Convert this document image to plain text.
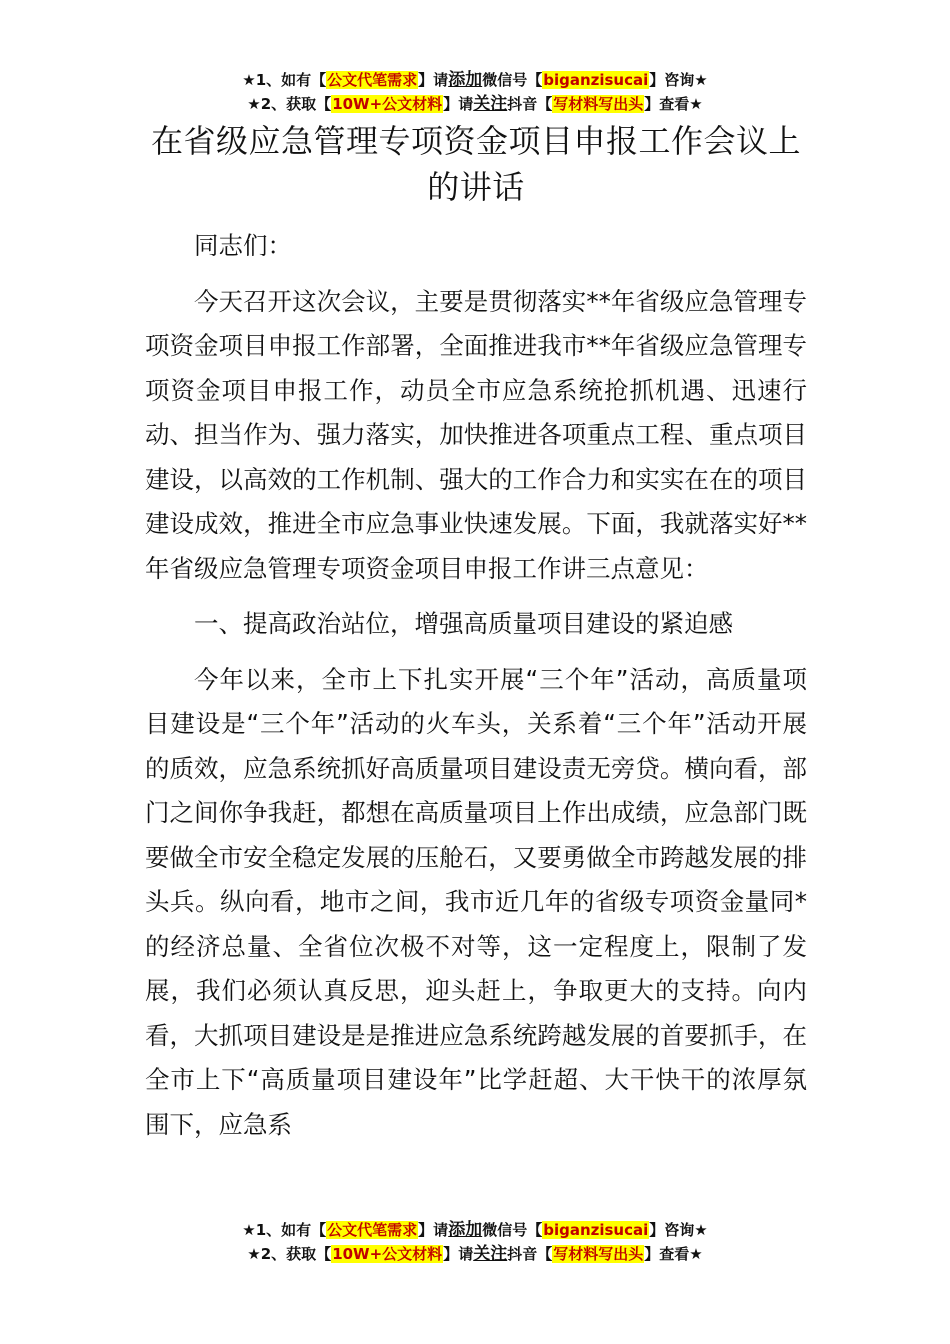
★1、如有【公文代笔需求】请添加微信号【biganzisucai】咨询★
★2、获取【10W+公文材料】请关注抖音【写材料写出头】查看★
在省级应急管理专项资金项目申报工作会议上的讲话

同志们：

今天召开这次会议，主要是贯彻落实**年省级应急管理专项资金项目申报工作部署，全面推进我市**年省级应急管理专项资金项目申报工作，动员全市应急系统抢抓机遇、迅速行动、担当作为、强力落实，加快推进各项重点工程、重点项目建设，以高效的工作机制、强大的工作合力和实实在在的项目建设成效，推进全市应急事业快速发展。下面，我就落实好**年省级应急管理专项资金项目申报工作讲三点意见：

一、提高政治站位，增强高质量项目建设的紧迫感

今年以来，全市上下扎实开展“三个年”活动，高质量项目建设是“三个年”活动的火车头，关系着“三个年”活动开展的质效，应急系统抓好高质量项目建设责无旁贷。横向看，部门之间你争我赶，都想在高质量项目上作出成绩，应急部门既要做全市安全稳定发展的压舱石，又要勇做全市跨越发展的排头兵。纵向看，地市之间，我市近几年的省级专项资金量同*的经济总量、全省位次极不对等，这一定程度上，限制了发展，我们必须认真反思，迎头赶上，争取更大的支持。向内看，大抓项目建设是是推进应急系统跨越发展的首要抓手，在全市上下“高质量项目建设年”比学赶超、大干快干的浓厚氛围下，应急系

★1、如有【公文代笔需求】请添加微信号【biganzisucai】咨询★
★2、获取【10W+公文材料】请关注抖音【写材料写出头】查看★
